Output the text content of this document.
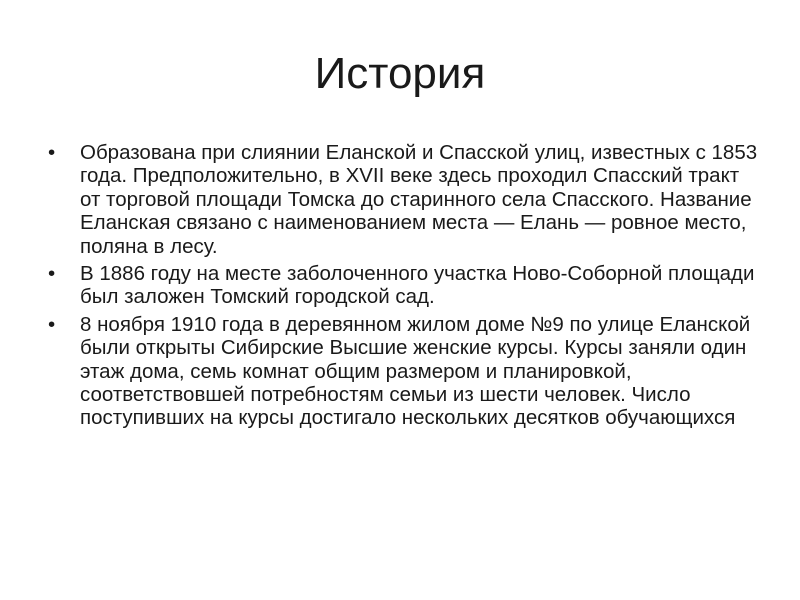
История
•	Образована при слиянии Еланской и Спасской улиц, известных с 1853 года. Предположительно, в XVII веке здесь проходил Спасский тракт от торговой площади Томска до старинного села Спасского. Название Еланская связано с наименованием места — Елань — ровное место, поляна в лесу.
•	В 1886 году на месте заболоченного участка Ново-Соборной площади был заложен Томский городской сад.
•	8 ноября 1910 года в деревянном жилом доме №9 по улице Еланской были открыты Сибирские Высшие женские курсы. Курсы заняли один этаж дома, семь комнат общим размером и планировкой, соответствовшей потребностям семьи из шести человек. Число поступивших на курсы достигало нескольких десятков обучающихся
